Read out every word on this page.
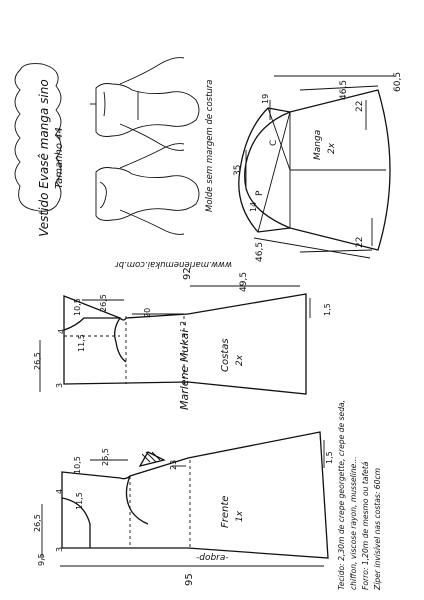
Vestido Evasê manga sino Tamanho 44	Molde sem margem de costura
www.marlenemukai.com.br
60,5
46,5
22
19
35
14
46,5	22
C
P
Manga 2x
92	49,5
1,5
20
2
26,5
10,5
11,5
4
26,5
3
Costas 2x
Marlene Mukai
95
23
1,5
26,5
10,5
11,5
4
26,5
3
9,5
Frente 1x
-dobra-	Tecido: 2,30m de crepe georgette, crepe de seda, chiffon, viscose rayon, musseline... Forro: 1,20m de mesmo ou tafetá Zíper invisível nas costas: 60cm
